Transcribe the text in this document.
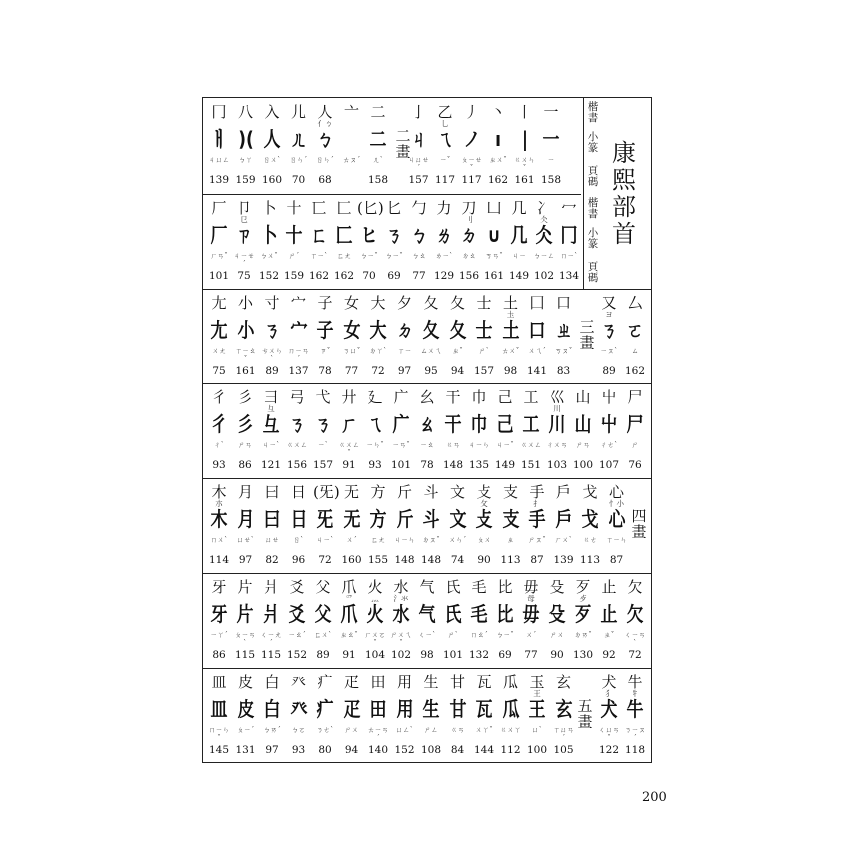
楷書
小篆
頁碼
楷書
小篆
頁碼
冂
ㅐ
ㄐㄩㄥ
139
八
)(
ㄅㄚ
159
入
人
ㄖㄨˋ
160
儿
ㄦ
ㄖㄣˊ
70
人
亻ㄅ
ㄅ
ㄖㄣˊ
68
亠
ㄊㄡˊ
二
二
ㄦˋ
158
亅
ㄐ
ㄐㄩㄝˊ
157
乙
乚
ㄟ
ㄧˇ
117
丿
ノ
ㄆㄧㄝˇ
117
丶
ı
ㄓㄨˇ
162
丨
|
ㄍㄨㄣˇ
161
一
一
ㄧ
158
厂
厂
ㄏㄢˇ
101
卩
㔾
ㄗ
ㄐㄧㄝˊ
75
卜
卜
ㄅㄨˇ
152
十
十
ㄕˊ
159
匸
ㄈ
ㄒㄧˋ
162
匚
匚
ㄈㄤ
162
(匕)
ヒ
ㄅㄧˇ
70
匕
ㄋ
ㄅㄧˇ
69
勹
ㄅ
ㄅㄠ
77
力
ㄌ
ㄌㄧˋ
129
刀
刂
ㄉ
ㄉㄠ
156
凵
∪
ㄎㄢˇ
161
几
几
ㄐㄧ
149
冫
仌
仌
ㄅㄧㄥ
102
冖
冂
ㄇㄧˋ
134
尢
尢
ㄨㄤ
75
小
小
ㄒㄧㄠˇ
161
寸
ㄋ
ㄘㄨㄣˋ
89
宀
宀
ㄇㄧㄢˊ
137
子
子
ㄗˇ
78
女
女
ㄋㄩˇ
77
大
大
ㄉㄚˋ
72
夕
ㄉ
ㄒㄧ
97
夂
夂
ㄙㄨㄟ
95
夂
夂
ㄓˇ
94
士
士
ㄕˋ
157
土
圡
土
ㄊㄨˇ
98
囗
口
ㄨㄟˊ
141
口
ㄓ
ㄎㄡˇ
83
又
ヨ
ㄋ
ㄧㄡˋ
89
厶
ㄛ
ㄙ
162
彳
彳
ㄔˋ
93
彡
彡
ㄕㄢ
86
彐
彑
彑
ㄐㄧˋ
121
弓
ㄋ
ㄍㄨㄥ
156
弋
ㄋ
ㄧˋ
157
廾
ㄏ
ㄍㄨㄥˇ
91
廴
ㄟ
ㄧㄣˇ
93
广
广
ㄧㄢˇ
101
幺
ㄠ
ㄧㄠ
78
干
干
ㄍㄢ
148
巾
巾
ㄐㄧㄣ
135
己
己
ㄐㄧˇ
149
工
工
ㄍㄨㄥ
151
巛
川
川
ㄔㄨㄢ
103
山
山
ㄕㄢ
100
屮
屮
ㄔㄜˋ
107
尸
尸
ㄕ
76
木
朩
木
ㄇㄨˋ
114
月
月
ㄩㄝˋ
97
曰
曰
ㄩㄝ
82
日
日
ㄖˋ
96
(旡)
旡
ㄐㄧˋ
72
无
无
ㄨˊ
160
方
方
ㄈㄤ
155
斤
斤
ㄐㄧㄣ
148
斗
斗
ㄉㄡˇ
148
文
文
ㄨㄣˊ
74
攴
攵
攴
ㄆㄨ
90
支
支
ㄓ
113
手
扌
手
ㄕㄡˇ
87
戶
戶
ㄏㄨˋ
139
戈
戈
ㄍㄜ
113
心
忄小
心
ㄒㄧㄣ
87
牙
牙
ㄧㄚˊ
86
片
片
ㄆㄧㄢˋ
115
爿
爿
ㄑㄧㄤˊ
115
爻
爻
ㄧㄠˊ
152
父
父
ㄈㄨˋ
89
爪
爫
爪
ㄓㄠˇ
91
火
灬
火
ㄏㄨㄛˇ
104
水
氵氺
水
ㄕㄨㄟˇ
102
气
气
ㄑㄧˋ
98
氏
氏
ㄕˋ
101
毛
毛
ㄇㄠˊ
132
比
比
ㄅㄧˇ
69
毋
母
毋
ㄨˊ
77
殳
殳
ㄕㄨ
90
歹
歺
歹
ㄉㄞˇ
130
止
止
ㄓˇ
92
欠
欠
ㄑㄧㄢˋ
72
皿
皿
ㄇㄧㄣˇ
145
皮
皮
ㄆㄧˊ
131
白
白
ㄅㄞˊ
97
癶
癶
ㄅㄛ
93
疒
疒
ㄋㄜˋ
80
疋
疋
ㄕㄨ
94
田
田
ㄊㄧㄢˊ
140
用
用
ㄩㄥˋ
152
生
生
ㄕㄥ
108
甘
甘
ㄍㄢ
84
瓦
瓦
ㄨㄚˇ
144
瓜
瓜
ㄍㄨㄚ
112
玉
王
王
ㄩˋ
100
玄
玄
ㄒㄩㄢˊ
105
犬
犭
犬
ㄑㄩㄢˇ
122
牛
牜
牛
ㄋㄧㄡˊ
118
二
畫
三
畫
四
畫
五
畫
康
熙
部
首
200
